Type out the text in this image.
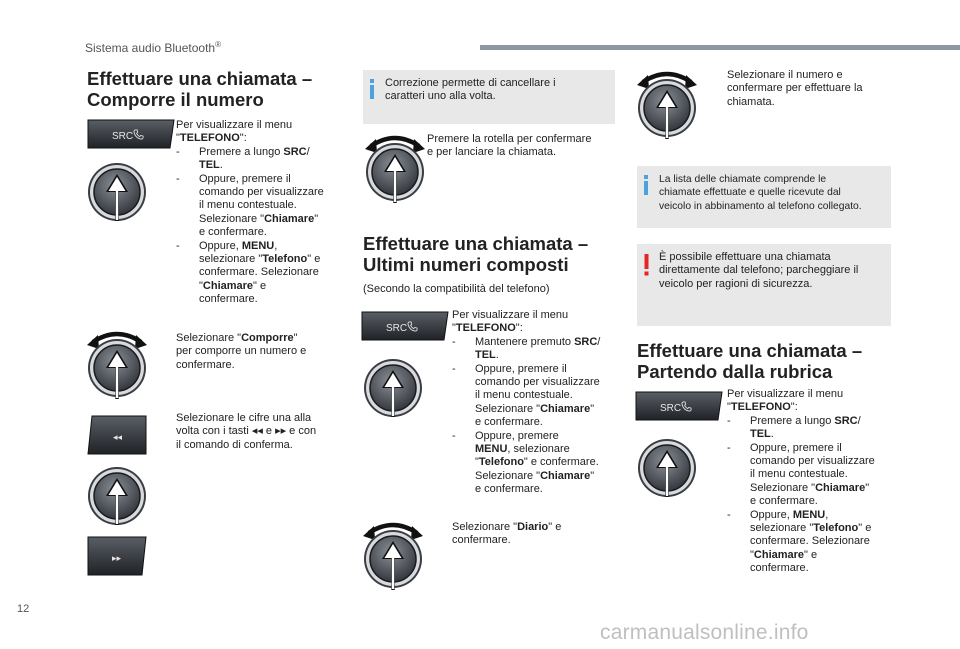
Sistema audio Bluetooth®
Effettuare una chiamata –
Comporre il numero
SRC
Per visualizzare il menu
"TELEFONO":
- Premere a lungo SRC/
TEL.
- Oppure, premere il
comando per visualizzare
il menu contestuale.
Selezionare "Chiamare"
e confermare.
- Oppure, MENU,
selezionare "Telefono" e
confermare. Selezionare
"Chiamare" e
confermare.
Selezionare "Comporre"
per comporre un numero e
confermare.
◂◂
Selezionare le cifre una alla
volta con i tasti ◂◂ e ▸▸ e con
il comando di conferma.
▸▸
Correzione permette di cancellare i
caratteri uno alla volta.
Premere la rotella per confermare
e per lanciare la chiamata.
Effettuare una chiamata –
Ultimi numeri composti
(Secondo la compatibilità del telefono)
SRC
Per visualizzare il menu
"TELEFONO":
- Mantenere premuto SRC/
TEL.
- Oppure, premere il
comando per visualizzare
il menu contestuale.
Selezionare "Chiamare"
e confermare.
- Oppure, premere
MENU, selezionare
"Telefono" e confermare.
Selezionare "Chiamare"
e confermare.
Selezionare "Diario" e
confermare.
Selezionare il numero e
confermare per effettuare la
chiamata.
La lista delle chiamate comprende le
chiamate effettuate e quelle ricevute dal
veicolo in abbinamento al telefono collegato.
È possibile effettuare una chiamata
direttamente dal telefono; parcheggiare il
veicolo per ragioni di sicurezza.
Effettuare una chiamata –
Partendo dalla rubrica
SRC
Per visualizzare il menu
"TELEFONO":
- Premere a lungo SRC/
TEL.
- Oppure, premere il
comando per visualizzare
il menu contestuale.
Selezionare "Chiamare"
e confermare.
- Oppure, MENU,
selezionare "Telefono" e
confermare. Selezionare
"Chiamare" e
confermare.
12
carmanualsonline.info
